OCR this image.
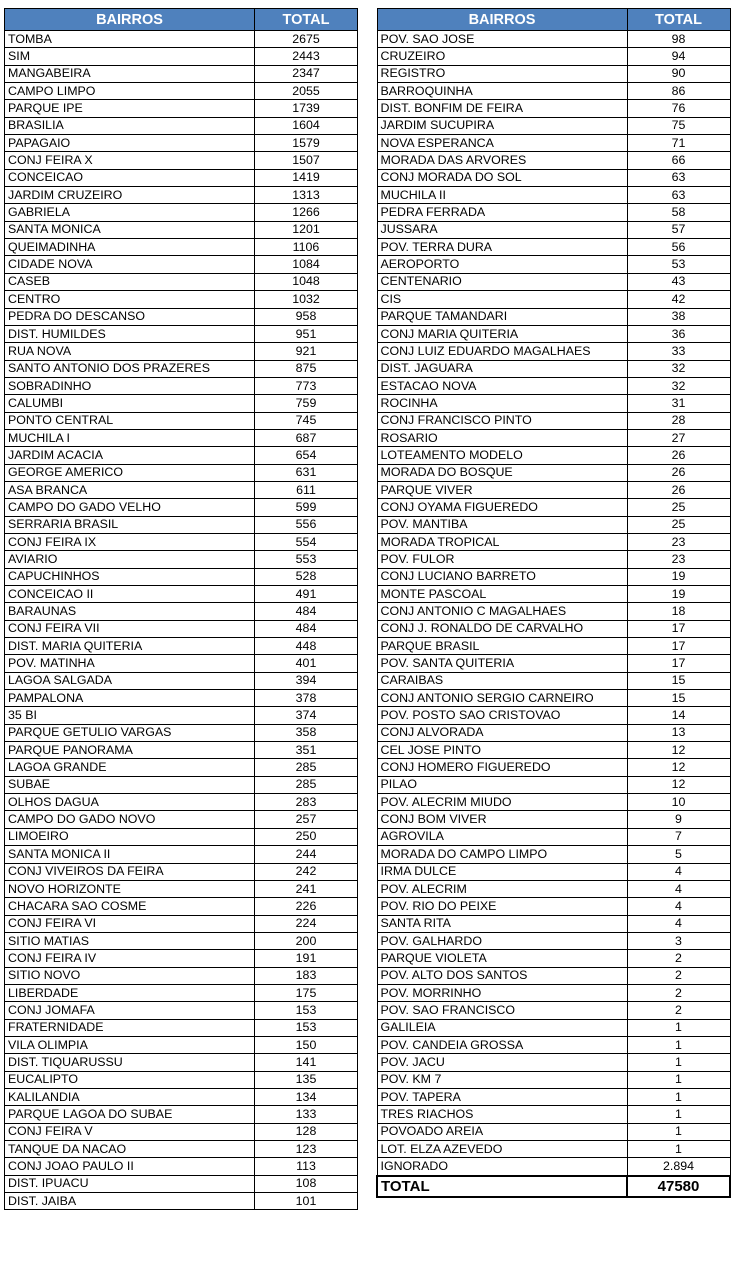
BAIRROS	TOTAL
TOMBA	2675
SIM	2443
MANGABEIRA	2347
CAMPO LIMPO	2055
PARQUE IPE	1739
BRASILIA	1604
PAPAGAIO	1579
CONJ FEIRA X	1507
CONCEICAO	1419
JARDIM CRUZEIRO	1313
GABRIELA	1266
SANTA MONICA	1201
QUEIMADINHA	1106
CIDADE NOVA	1084
CASEB	1048
CENTRO	1032
PEDRA DO DESCANSO	958
DIST. HUMILDES	951
RUA NOVA	921
SANTO ANTONIO DOS PRAZERES	875
SOBRADINHO	773
CALUMBI	759
PONTO CENTRAL	745
MUCHILA I	687
JARDIM ACACIA	654
GEORGE AMERICO	631
ASA BRANCA	611
CAMPO DO GADO VELHO	599
SERRARIA BRASIL	556
CONJ FEIRA IX	554
AVIARIO	553
CAPUCHINHOS	528
CONCEICAO II	491
BARAUNAS	484
CONJ FEIRA VII	484
DIST. MARIA QUITERIA	448
POV. MATINHA	401
LAGOA SALGADA	394
PAMPALONA	378
35 BI	374
PARQUE GETULIO VARGAS	358
PARQUE PANORAMA	351
LAGOA GRANDE	285
SUBAE	285
OLHOS DAGUA	283
CAMPO DO GADO NOVO	257
LIMOEIRO	250
SANTA MONICA II	244
CONJ VIVEIROS DA FEIRA	242
NOVO HORIZONTE	241
CHACARA SAO COSME	226
CONJ FEIRA VI	224
SITIO MATIAS	200
CONJ FEIRA IV	191
SITIO NOVO	183
LIBERDADE	175
CONJ JOMAFA	153
FRATERNIDADE	153
VILA OLIMPIA	150
DIST. TIQUARUSSU	141
EUCALIPTO	135
KALILANDIA	134
PARQUE LAGOA DO SUBAE	133
CONJ FEIRA V	128
TANQUE DA NACAO	123
CONJ JOAO PAULO II	113
DIST. IPUACU	108
DIST. JAIBA	101
BAIRROS	TOTAL
POV. SAO JOSE	98
CRUZEIRO	94
REGISTRO	90
BARROQUINHA	86
DIST. BONFIM DE FEIRA	76
JARDIM SUCUPIRA	75
NOVA ESPERANCA	71
MORADA DAS ARVORES	66
CONJ MORADA DO SOL	63
MUCHILA II	63
PEDRA FERRADA	58
JUSSARA	57
POV. TERRA DURA	56
AEROPORTO	53
CENTENARIO	43
CIS	42
PARQUE TAMANDARI	38
CONJ MARIA QUITERIA	36
CONJ LUIZ EDUARDO MAGALHAES	33
DIST. JAGUARA	32
ESTACAO NOVA	32
ROCINHA	31
CONJ FRANCISCO PINTO	28
ROSARIO	27
LOTEAMENTO MODELO	26
MORADA DO BOSQUE	26
PARQUE VIVER	26
CONJ OYAMA FIGUEREDO	25
POV. MANTIBA	25
MORADA TROPICAL	23
POV. FULOR	23
CONJ LUCIANO BARRETO	19
MONTE PASCOAL	19
CONJ ANTONIO C MAGALHAES	18
CONJ J. RONALDO DE CARVALHO	17
PARQUE BRASIL	17
POV. SANTA QUITERIA	17
CARAIBAS	15
CONJ ANTONIO SERGIO CARNEIRO	15
POV. POSTO SAO CRISTOVAO	14
CONJ ALVORADA	13
CEL JOSE PINTO	12
CONJ HOMERO FIGUEREDO	12
PILAO	12
POV. ALECRIM MIUDO	10
CONJ BOM VIVER	9
AGROVILA	7
MORADA DO CAMPO LIMPO	5
IRMA DULCE	4
POV. ALECRIM	4
POV. RIO DO PEIXE	4
SANTA RITA	4
POV. GALHARDO	3
PARQUE VIOLETA	2
POV. ALTO DOS SANTOS	2
POV. MORRINHO	2
POV. SAO FRANCISCO	2
GALILEIA	1
POV. CANDEIA GROSSA	1
POV. JACU	1
POV. KM 7	1
POV. TAPERA	1
TRES RIACHOS	1
POVOADO AREIA	1
LOT. ELZA AZEVEDO	1
IGNORADO	2.894
TOTAL	47580
